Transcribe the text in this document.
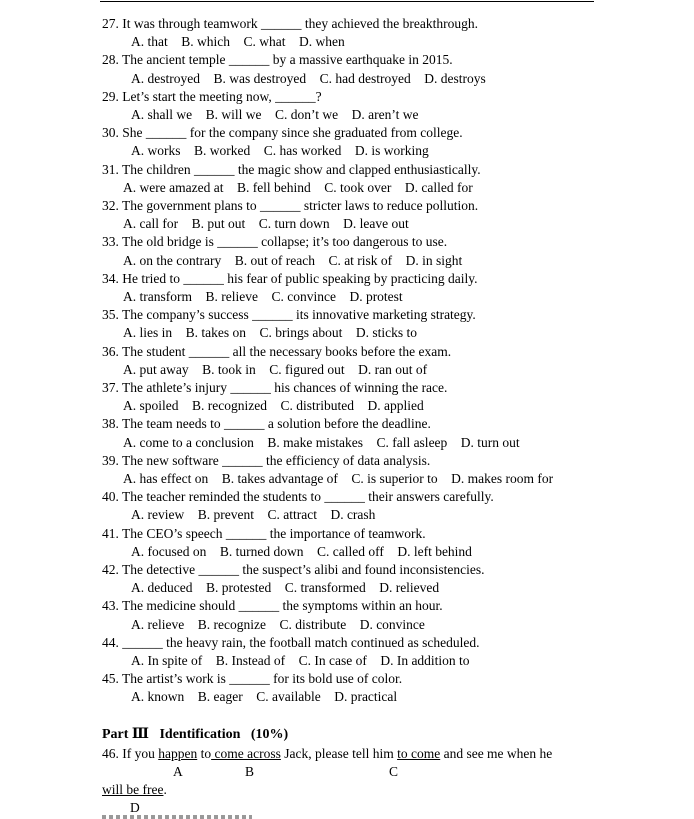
27. It was through teamwork ______ they achieved the breakthrough.
A. that    B. which    C. what    D. when
28. The ancient temple ______ by a massive earthquake in 2015.
A. destroyed    B. was destroyed    C. had destroyed    D. destroys
29. Let’s start the meeting now, ______?
A. shall we    B. will we    C. don’t we    D. aren’t we
30. She ______ for the company since she graduated from college.
A. works    B. worked    C. has worked    D. is working
31. The children ______ the magic show and clapped enthusiastically.
A. were amazed at    B. fell behind    C. took over    D. called for
32. The government plans to ______ stricter laws to reduce pollution.
A. call for    B. put out    C. turn down    D. leave out
33. The old bridge is ______ collapse; it’s too dangerous to use.
A. on the contrary    B. out of reach    C. at risk of    D. in sight
34. He tried to ______ his fear of public speaking by practicing daily.
A. transform    B. relieve    C. convince    D. protest
35. The company’s success ______ its innovative marketing strategy.
A. lies in    B. takes on    C. brings about    D. sticks to
36. The student ______ all the necessary books before the exam.
A. put away    B. took in    C. figured out    D. ran out of
37. The athlete’s injury ______ his chances of winning the race.
A. spoiled    B. recognized    C. distributed    D. applied
38. The team needs to ______ a solution before the deadline.
A. come to a conclusion    B. make mistakes    C. fall asleep    D. turn out
39. The new software ______ the efficiency of data analysis.
A. has effect on    B. takes advantage of    C. is superior to    D. makes room for
40. The teacher reminded the students to ______ their answers carefully.
A. review    B. prevent    C. attract    D. crash
41. The CEO’s speech ______ the importance of teamwork.
A. focused on    B. turned down    C. called off    D. left behind
42. The detective ______ the suspect’s alibi and found inconsistencies.
A. deduced    B. protested    C. transformed    D. relieved
43. The medicine should ______ the symptoms within an hour.
A. relieve    B. recognize    C. distribute    D. convince
44. ______ the heavy rain, the football match continued as scheduled.
A. In spite of    B. Instead of    C. In case of    D. In addition to
45. The artist’s work is ______ for its bold use of color.
A. known    B. eager    C. available    D. practical
Part Ⅲ   Identification   (10%)
46. If you happen to come across Jack, please tell him to come and see me when he
A	B	C
will be free.
D
